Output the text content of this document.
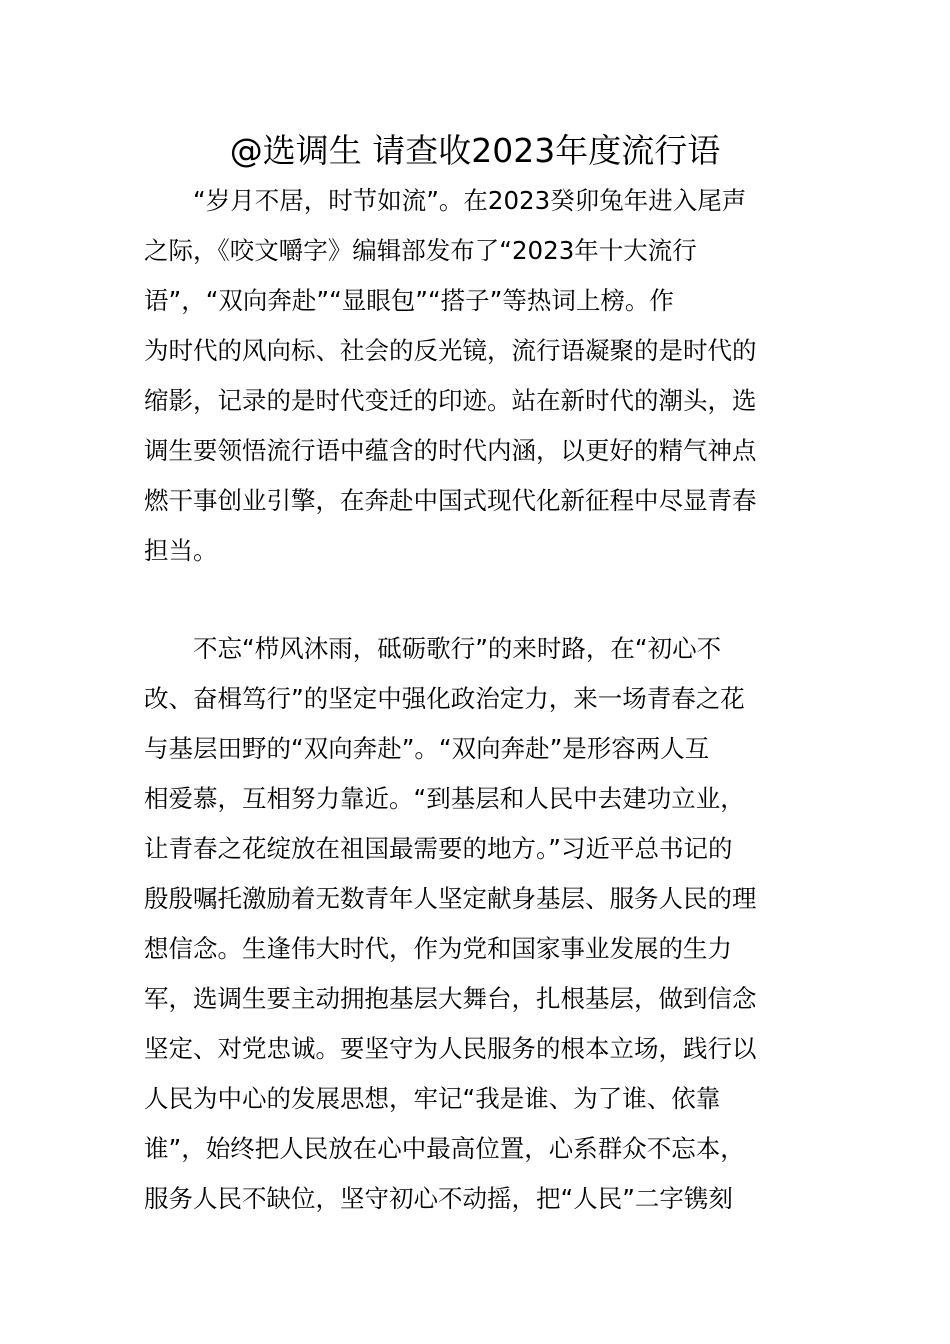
@选调生 请查收2023年度流行语

“岁月不居，时节如流”。在2023癸卯兔年进入尾声

之际，《咬文嚼字》编辑部发布了“2023年十大流行

语”，“双向奔赴”“显眼包”“搭子”等热词上榜。作

为时代的风向标、社会的反光镜，流行语凝聚的是时代的

缩影，记录的是时代变迁的印迹。站在新时代的潮头，选

调生要领悟流行语中蕴含的时代内涵，以更好的精气神点

燃干事创业引擎，在奔赴中国式现代化新征程中尽显青春

担当。

不忘“栉风沐雨，砥砺歌行”的来时路，在“初心不

改、奋楫笃行”的坚定中强化政治定力，来一场青春之花

与基层田野的“双向奔赴”。“双向奔赴”是形容两人互

相爱慕，互相努力靠近。“到基层和人民中去建功立业，

让青春之花绽放在祖国最需要的地方。”习近平总书记的

殷殷嘱托激励着无数青年人坚定献身基层、服务人民的理

想信念。生逢伟大时代，作为党和国家事业发展的生力

军，选调生要主动拥抱基层大舞台，扎根基层，做到信念

坚定、对党忠诚。要坚守为人民服务的根本立场，践行以

人民为中心的发展思想，牢记“我是谁、为了谁、依靠

谁”，始终把人民放在心中最高位置，心系群众不忘本，

服务人民不缺位，坚守初心不动摇，把“人民”二字镌刻
